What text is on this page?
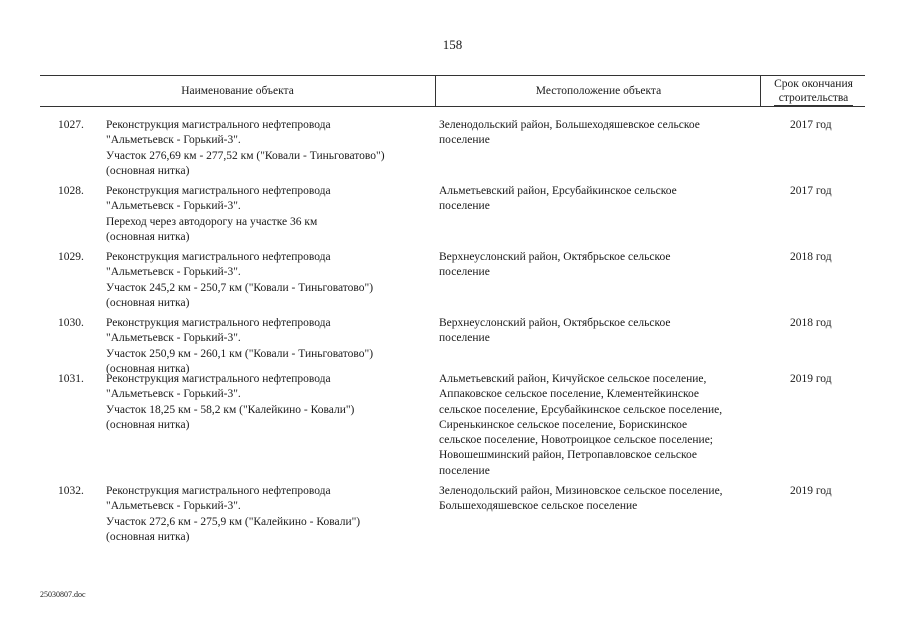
158
Наименование объекта	Местоположение объекта
Срок окончания
строительства
1027. Реконструкция магистрального нефтепровода
"Альметьевск - Горький-3".
Участок 276,69 км - 277,52 км ("Ковали - Тиньговатово")
(основная нитка)
Зеленодольский район, Большеходяшевское сельское
поселение
2017 год
1028. Реконструкция магистрального нефтепровода
"Альметьевск - Горький-3".
Переход через автодорогу на участке 36 км
(основная нитка)
Альметьевский район, Ерсубайкинское сельское
поселение
2017 год
1029. Реконструкция магистрального нефтепровода
"Альметьевск - Горький-3".
Участок 245,2 км - 250,7 км ("Ковали - Тиньговатово")
(основная нитка)
Верхнеуслонский район, Октябрьское сельское
поселение
2018 год
1030. Реконструкция магистрального нефтепровода
"Альметьевск - Горький-3".
Участок 250,9 км - 260,1 км ("Ковали - Тиньговатово")
(основная нитка)
Верхнеуслонский район, Октябрьское сельское
поселение
2018 год
1031. Реконструкция магистрального нефтепровода
"Альметьевск - Горький-3".
Участок 18,25 км - 58,2 км ("Калейкино - Ковали")
(основная нитка)
Альметьевский район, Кичуйское сельское поселение,
Аппаковское сельское поселение, Клементейкинское
сельское поселение, Ерсубайкинское сельское поселение,
Сиренькинское сельское поселение, Борискинское
сельское поселение, Новотроицкое сельское поселение;
Новошешминский район, Петропавловское сельское
поселение
2019 год
1032. Реконструкция магистрального нефтепровода
"Альметьевск - Горький-3".
Участок 272,6 км - 275,9 км ("Калейкино - Ковали")
(основная нитка)
Зеленодольский район, Мизиновское сельское поселение,
Большеходяшевское сельское поселение
2019 год
25030807.doc
